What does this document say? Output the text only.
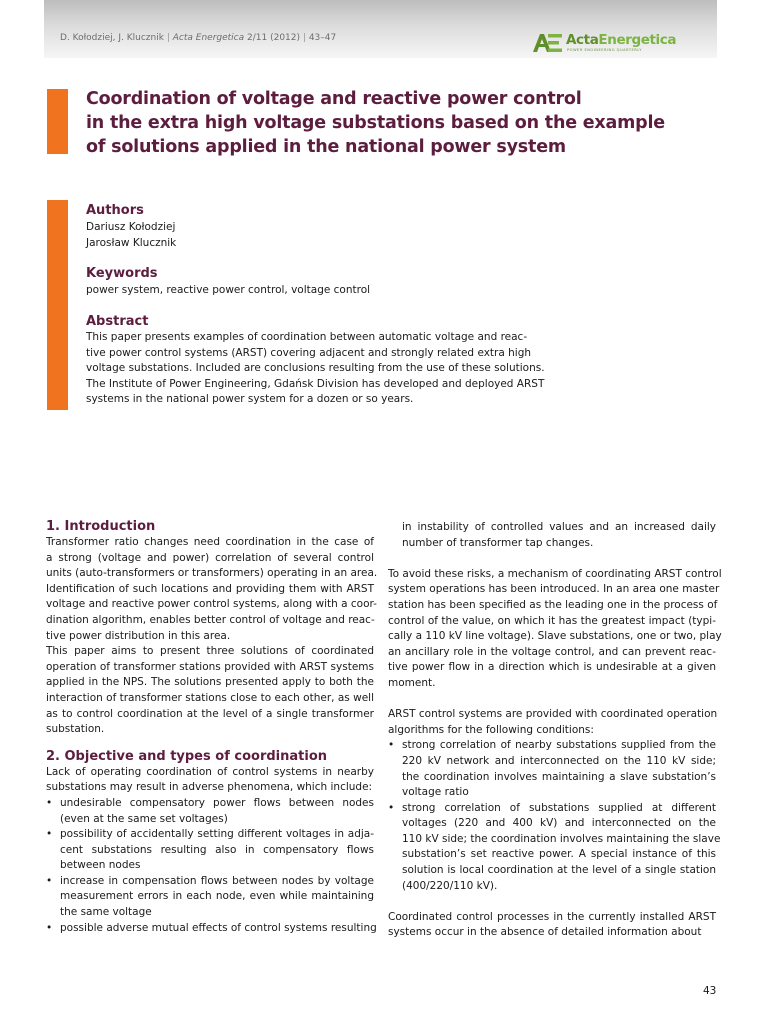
D. Kołodziej, J. Klucznik | Acta Energetica 2/11 (2012) | 43–47	ActaEnergetica
POWER ENGINEERING QUARTERLY
Coordination of voltage and reactive power control
in the extra high voltage substations based on the example
of solutions applied in the national power system
Authors
Dariusz Kołodziej
Jarosław Klucznik
Keywords
power system, reactive power control, voltage control
Abstract
This paper presents examples of coordination between automatic voltage and reac-
tive power control systems (ARST) covering adjacent and strongly related extra high
voltage substations. Included are conclusions resulting from the use of these solutions.
The Institute of Power Engineering, Gdańsk Division has developed and deployed ARST
systems in the national power system for a dozen or so years.
1. Introduction
Transformer ratio changes need coordination in the case of
a strong (voltage and power) correlation of several control
units (auto-transformers or transformers) operating in an area.
Identification of such locations and providing them with ARST
voltage and reactive power control systems, along with a coor-
dination algorithm, enables better control of voltage and reac-
tive power distribution in this area.
This paper aims to present three solutions of coordinated
operation of transformer stations provided with ARST systems
applied in the NPS. The solutions presented apply to both the
interaction of transformer stations close to each other, as well
as to control coordination at the level of a single transformer
substation.
2. Objective and types of coordination
Lack of operating coordination of control systems in nearby
substations may result in adverse phenomena, which include:
• undesirable compensatory power flows between nodes
(even at the same set voltages)
• possibility of accidentally setting different voltages in adja-
cent substations resulting also in compensatory flows
between nodes
• increase in compensation flows between nodes by voltage
measurement errors in each node, even while maintaining
the same voltage
• possible adverse mutual effects of control systems resulting
in instability of controlled values and an increased daily
number of transformer tap changes.
To avoid these risks, a mechanism of coordinating ARST control
system operations has been introduced. In an area one master
station has been specified as the leading one in the process of
control of the value, on which it has the greatest impact (typi-
cally a 110 kV line voltage). Slave substations, one or two, play
an ancillary role in the voltage control, and can prevent reac-
tive power flow in a direction which is undesirable at a given
moment.
ARST control systems are provided with coordinated operation
algorithms for the following conditions:
• strong correlation of nearby substations supplied from the
220 kV network and interconnected on the 110 kV side;
the coordination involves maintaining a slave substation’s
voltage ratio
• strong correlation of substations supplied at different
voltages (220 and 400 kV) and interconnected on the
110 kV side; the coordination involves maintaining the slave
substation’s set reactive power. A special instance of this
solution is local coordination at the level of a single station
(400/220/110 kV).
Coordinated control processes in the currently installed ARST
systems occur in the absence of detailed information about
43
